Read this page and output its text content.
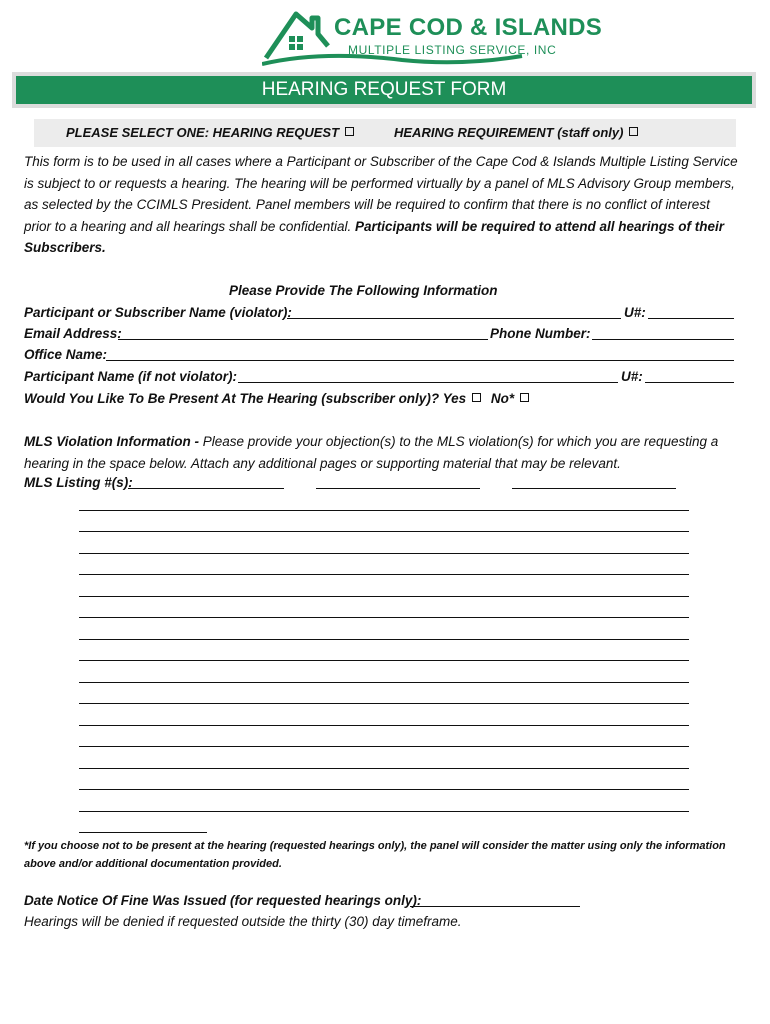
CAPE COD & ISLANDS
MULTIPLE LISTING SERVICE, INC
HEARING REQUEST FORM
PLEASE SELECT ONE: HEARING REQUEST	HEARING REQUIREMENT (staff only)
This form is to be used in all cases where a Participant or Subscriber of the Cape Cod & Islands Multiple Listing Service is subject to or requests a hearing. The hearing will be performed virtually by a panel of MLS Advisory Group members, as selected by the CCIMLS President. Panel members will be required to confirm that there is no conflict of interest prior to a hearing and all hearings shall be confidential. Participants will be required to attend all hearings of their Subscribers.
Please Provide The Following Information
Participant or Subscriber Name (violator):	U#:
Email Address:	Phone Number:
Office Name:
Participant Name (if not violator):	U#:
Would You Like To Be Present At The Hearing (subscriber only)? Yes No*
MLS Violation Information - Please provide your objection(s) to the MLS violation(s) for which you are requesting a hearing in the space below. Attach any additional pages or supporting material that may be relevant.
MLS Listing #(s):
*If you choose not to be present at the hearing (requested hearings only), the panel will consider the matter using only the information above and/or additional documentation provided.
Date Notice Of Fine Was Issued (for requested hearings only):
Hearings will be denied if requested outside the thirty (30) day timeframe.
